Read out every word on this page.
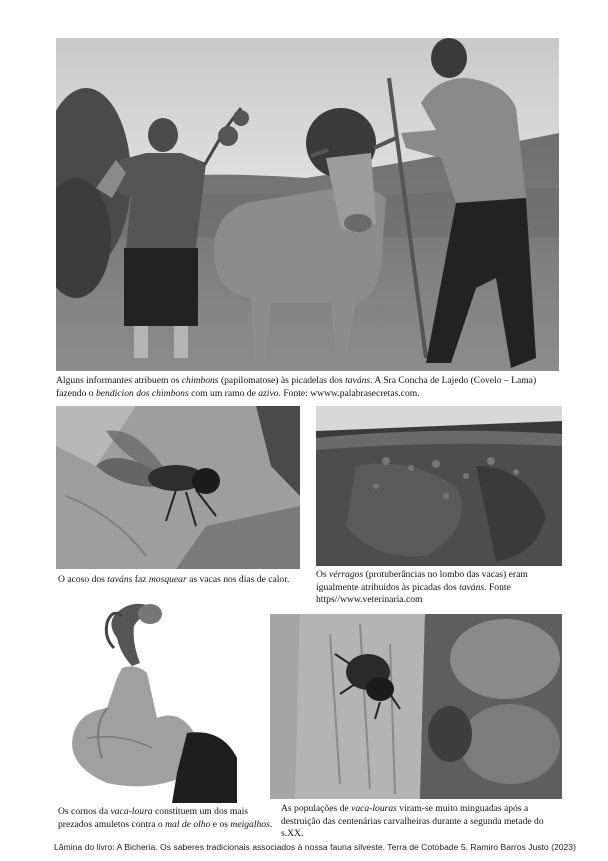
Alguns informantes atribuem os chimbons (papilomatose) às picadelas dos taváns. A Sra Concha de Lajedo (Covelo – Lama) fazendo o bendicion dos chimbons com um ramo de azivo. Fonte: wwww.palabrasecretas.com.
O acoso dos taváns faz mosquear as vacas nos dias de calor.	Os vérragos (protuberâncias no lombo das vacas) eram igualmente atribuídos às picadas dos taváns. Fonte https//www.veterinaria.com
Os cornos da vaca-loura constituem um dos mais prezados amuletos contra o mal de olho e os meigalhos.
As populações de vaca-louras viram-se muito minguadas após a destruição das centenárias carvalheiras durante a segunda metade do s.XX.
Lâmina do livro: A Bicheria. Os saberes tradicionais associados à nossa fauna silveste. Terra de Cotobade 5. Ramiro Barros Justo (2023)
